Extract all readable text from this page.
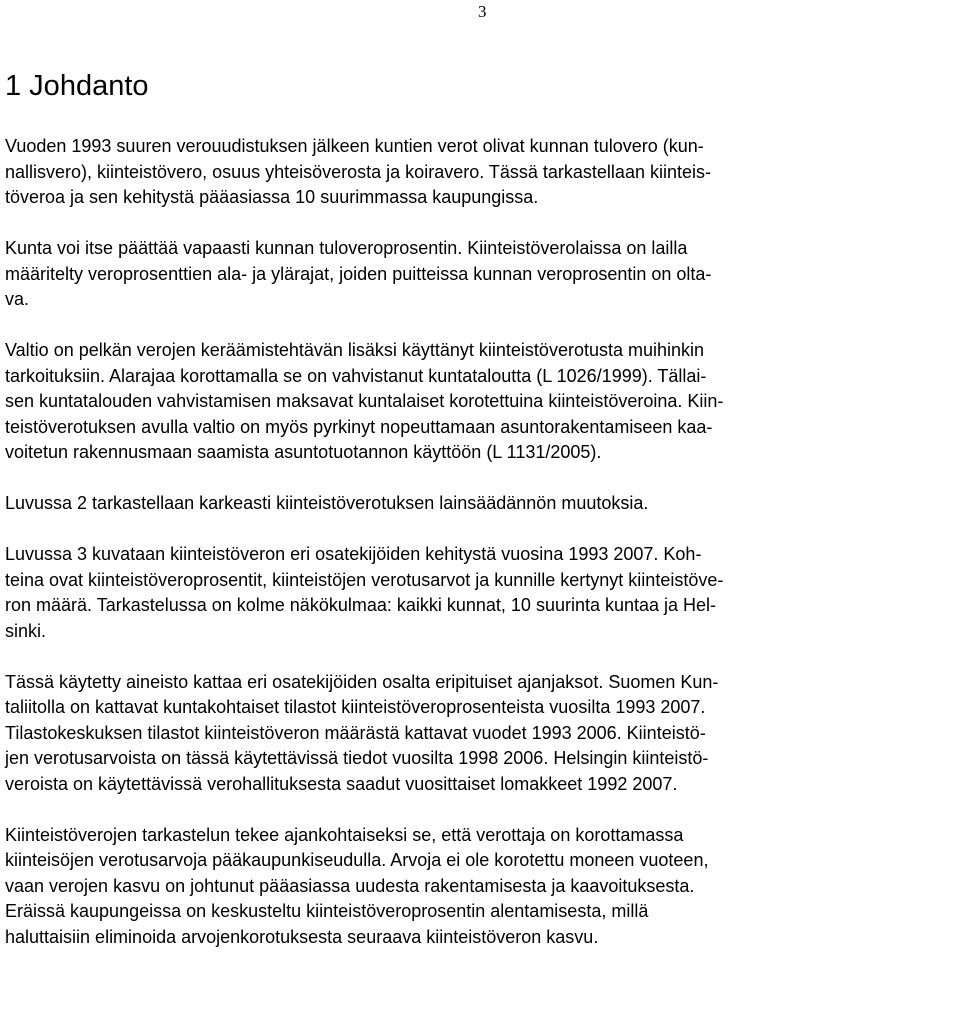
3
1 Johdanto

Vuoden 1993 suuren verouudistuksen jälkeen kuntien verot olivat kunnan tulovero (kun-
nallisvero), kiinteistövero, osuus yhteisöverosta ja koiravero. Tässä tarkastellaan kiinteis-
töveroa ja sen kehitystä pääasiassa 10 suurimmassa kaupungissa.

Kunta voi itse päättää vapaasti kunnan tuloveroprosentin. Kiinteistöverolaissa on lailla
määritelty veroprosenttien ala- ja ylärajat, joiden puitteissa kunnan veroprosentin on olta-
va.

Valtio on pelkän verojen keräämistehtävän lisäksi käyttänyt kiinteistöverotusta muihinkin
tarkoituksiin. Alarajaa korottamalla se on vahvistanut kuntataloutta (L 1026/1999). Tällai-
sen kuntatalouden vahvistamisen maksavat kuntalaiset korotettuina kiinteistöveroina. Kiin-
teistöverotuksen avulla valtio on myös pyrkinyt nopeuttamaan asuntorakentamiseen kaa-
voitetun rakennusmaan saamista asuntotuotannon käyttöön (L 1131/2005).

Luvussa 2 tarkastellaan karkeasti kiinteistöverotuksen lainsäädännön muutoksia.

Luvussa 3 kuvataan kiinteistöveron eri osatekijöiden kehitystä vuosina 1993 2007. Koh-
teina ovat kiinteistöveroprosentit, kiinteistöjen verotusarvot ja kunnille kertynyt kiinteistöve-
ron määrä. Tarkastelussa on kolme näkökulmaa: kaikki kunnat, 10 suurinta kuntaa ja Hel-
sinki.

Tässä käytetty aineisto kattaa eri osatekijöiden osalta eripituiset ajanjaksot. Suomen Kun-
taliitolla on kattavat kuntakohtaiset tilastot kiinteistöveroprosenteista vuosilta 1993 2007.
Tilastokeskuksen tilastot kiinteistöveron määrästä kattavat vuodet 1993 2006. Kiinteistö-
jen verotusarvoista on tässä käytettävissä tiedot vuosilta 1998 2006. Helsingin kiinteistö-
veroista on käytettävissä verohallituksesta saadut vuosittaiset lomakkeet 1992 2007.

Kiinteistöverojen tarkastelun tekee ajankohtaiseksi se, että verottaja on korottamassa
kiinteisöjen verotusarvoja pääkaupunkiseudulla. Arvoja ei ole korotettu moneen vuoteen,
vaan verojen kasvu on johtunut pääasiassa uudesta rakentamisesta ja kaavoituksesta.
Eräissä kaupungeissa on keskusteltu kiinteistöveroprosentin alentamisesta, millä
haluttaisiin eliminoida arvojenkorotuksesta seuraava kiinteistöveron kasvu.
